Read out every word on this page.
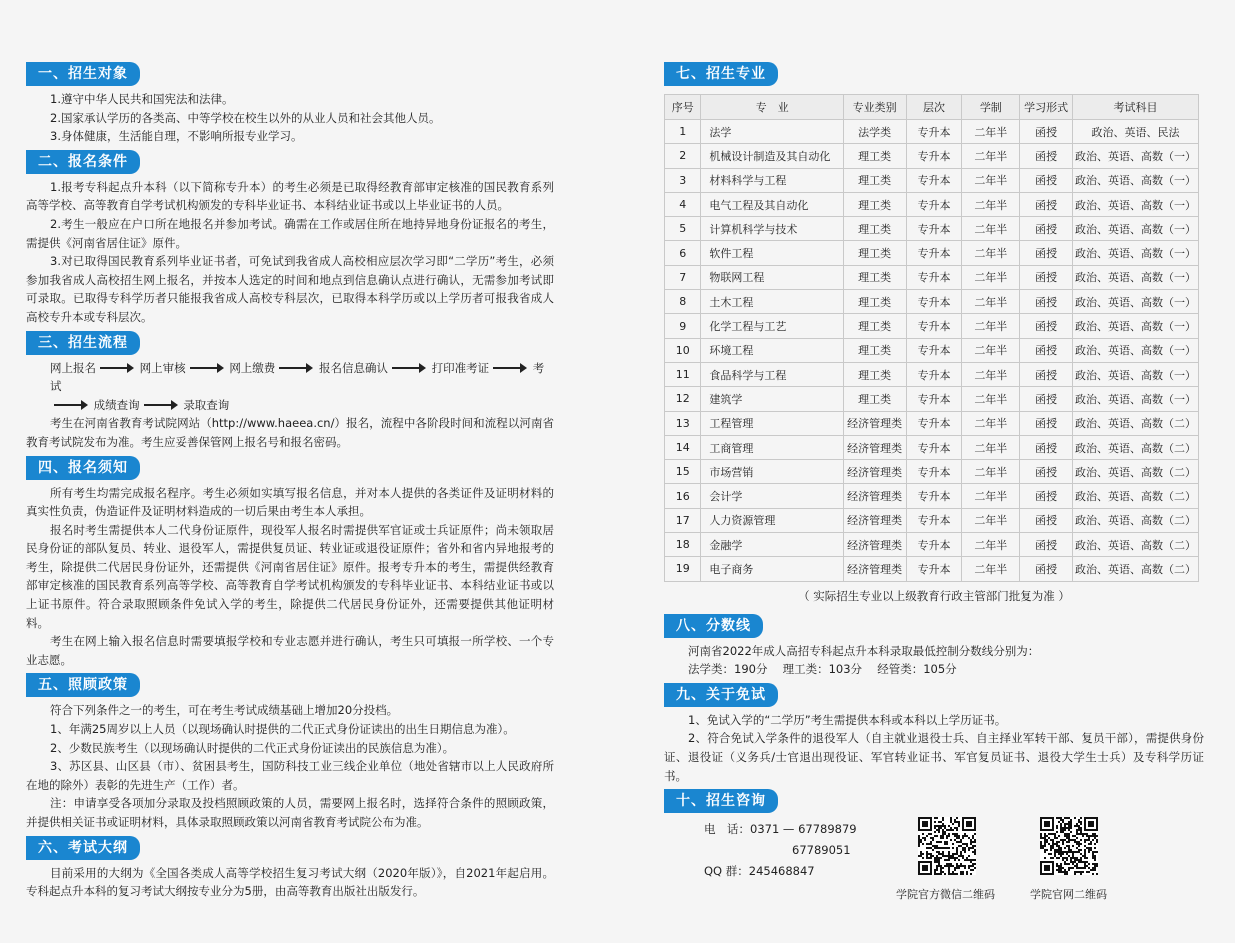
一、招生对象

1.遵守中华人民共和国宪法和法律。

2.国家承认学历的各类高、中等学校在校生以外的从业人员和社会其他人员。

3.身体健康，生活能自理，不影响所报专业学习。

二、报名条件

1.报考专科起点升本科（以下简称专升本）的考生必须是已取得经教育部审定核准的国民教育系列高等学校、高等教育自学考试机构颁发的专科毕业证书、本科结业证书或以上毕业证书的人员。

2.考生一般应在户口所在地报名并参加考试。确需在工作或居住所在地持异地身份证报名的考生，需提供《河南省居住证》原件。

3.对已取得国民教育系列毕业证书者，可免试到我省成人高校相应层次学习即“二学历”考生，必须参加我省成人高校招生网上报名，并按本人选定的时间和地点到信息确认点进行确认，无需参加考试即可录取。已取得专科学历者只能报我省成人高校专科层次，已取得本科学历或以上学历者可报我省成人高校专升本或专科层次。

三、招生流程
网上报名	网上审核	网上缴费	报名信息确认	打印准考证	考试
成绩查询	录取查询

考生在河南省教育考试院网站（http://www.haeea.cn/）报名，流程中各阶段时间和流程以河南省教育考试院发布为准。考生应妥善保管网上报名号和报名密码。

四、报名须知

所有考生均需完成报名程序。考生必须如实填写报名信息，并对本人提供的各类证件及证明材料的真实性负责，伪造证件及证明材料造成的一切后果由考生本人承担。

报名时考生需提供本人二代身份证原件，现役军人报名时需提供军官证或士兵证原件；尚未领取居民身份证的部队复员、转业、退役军人，需提供复员证、转业证或退役证原件；省外和省内异地报考的考生，除提供二代居民身份证外，还需提供《河南省居住证》原件。报考专升本的考生，需提供经教育部审定核准的国民教育系列高等学校、高等教育自学考试机构颁发的专科毕业证书、本科结业证书或以上证书原件。符合录取照顾条件免试入学的考生，除提供二代居民身份证外，还需要提供其他证明材料。

考生在网上输入报名信息时需要填报学校和专业志愿并进行确认，考生只可填报一所学校、一个专业志愿。

五、照顾政策

符合下列条件之一的考生，可在考生考试成绩基础上增加20分投档。

1、年满25周岁以上人员（以现场确认时提供的二代正式身份证读出的出生日期信息为准）。

2、少数民族考生（以现场确认时提供的二代正式身份证读出的民族信息为准）。

3、苏区县、山区县（市）、贫困县考生，国防科技工业三线企业单位（地处省辖市以上人民政府所在地的除外）表彰的先进生产（工作）者。

注：申请享受各项加分录取及投档照顾政策的人员，需要网上报名时，选择符合条件的照顾政策，并提供相关证书或证明材料，具体录取照顾政策以河南省教育考试院公布为准。

六、考试大纲

目前采用的大纲为《全国各类成人高等学校招生复习考试大纲（2020年版）》，自2021年起启用。专科起点升本科的复习考试大纲按专业分为5册，由高等教育出版社出版发行。

七、招生专业
序号	专　业	专业类别	层次	学制	学习形式	考试科目
1	法学	法学类	专升本	二年半	函授	政治、英语、民法
2	机械设计制造及其自动化	理工类	专升本	二年半	函授	政治、英语、高数（一）
3	材料科学与工程	理工类	专升本	二年半	函授	政治、英语、高数（一）
4	电气工程及其自动化	理工类	专升本	二年半	函授	政治、英语、高数（一）
5	计算机科学与技术	理工类	专升本	二年半	函授	政治、英语、高数（一）
6	软件工程	理工类	专升本	二年半	函授	政治、英语、高数（一）
7	物联网工程	理工类	专升本	二年半	函授	政治、英语、高数（一）
8	土木工程	理工类	专升本	二年半	函授	政治、英语、高数（一）
9	化学工程与工艺	理工类	专升本	二年半	函授	政治、英语、高数（一）
10	环境工程	理工类	专升本	二年半	函授	政治、英语、高数（一）
11	食品科学与工程	理工类	专升本	二年半	函授	政治、英语、高数（一）
12	建筑学	理工类	专升本	二年半	函授	政治、英语、高数（一）
13	工程管理	经济管理类	专升本	二年半	函授	政治、英语、高数（二）
14	工商管理	经济管理类	专升本	二年半	函授	政治、英语、高数（二）
15	市场营销	经济管理类	专升本	二年半	函授	政治、英语、高数（二）
16	会计学	经济管理类	专升本	二年半	函授	政治、英语、高数（二）
17	人力资源管理	经济管理类	专升本	二年半	函授	政治、英语、高数（二）
18	金融学	经济管理类	专升本	二年半	函授	政治、英语、高数（二）
19	电子商务	经济管理类	专升本	二年半	函授	政治、英语、高数（二）
（ 实际招生专业以上级教育行政主管部门批复为准 ）
八、分数线

河南省2022年成人高招专科起点升本科录取最低控制分数线分别为：

法学类：190分　 理工类：103分　 经管类：105分

九、关于免试

1、免试入学的“二学历”考生需提供本科或本科以上学历证书。

2、符合免试入学条件的退役军人（自主就业退役士兵、自主择业军转干部、复员干部），需提供身份证、退役证（义务兵/士官退出现役证、军官转业证书、军官复员证书、退役大学生士兵）及专科学历证书。

十、招生咨询
电　话：0371 — 67789879
67789051
QQ 群：245468847
学院官方微信二维码	学院官网二维码
